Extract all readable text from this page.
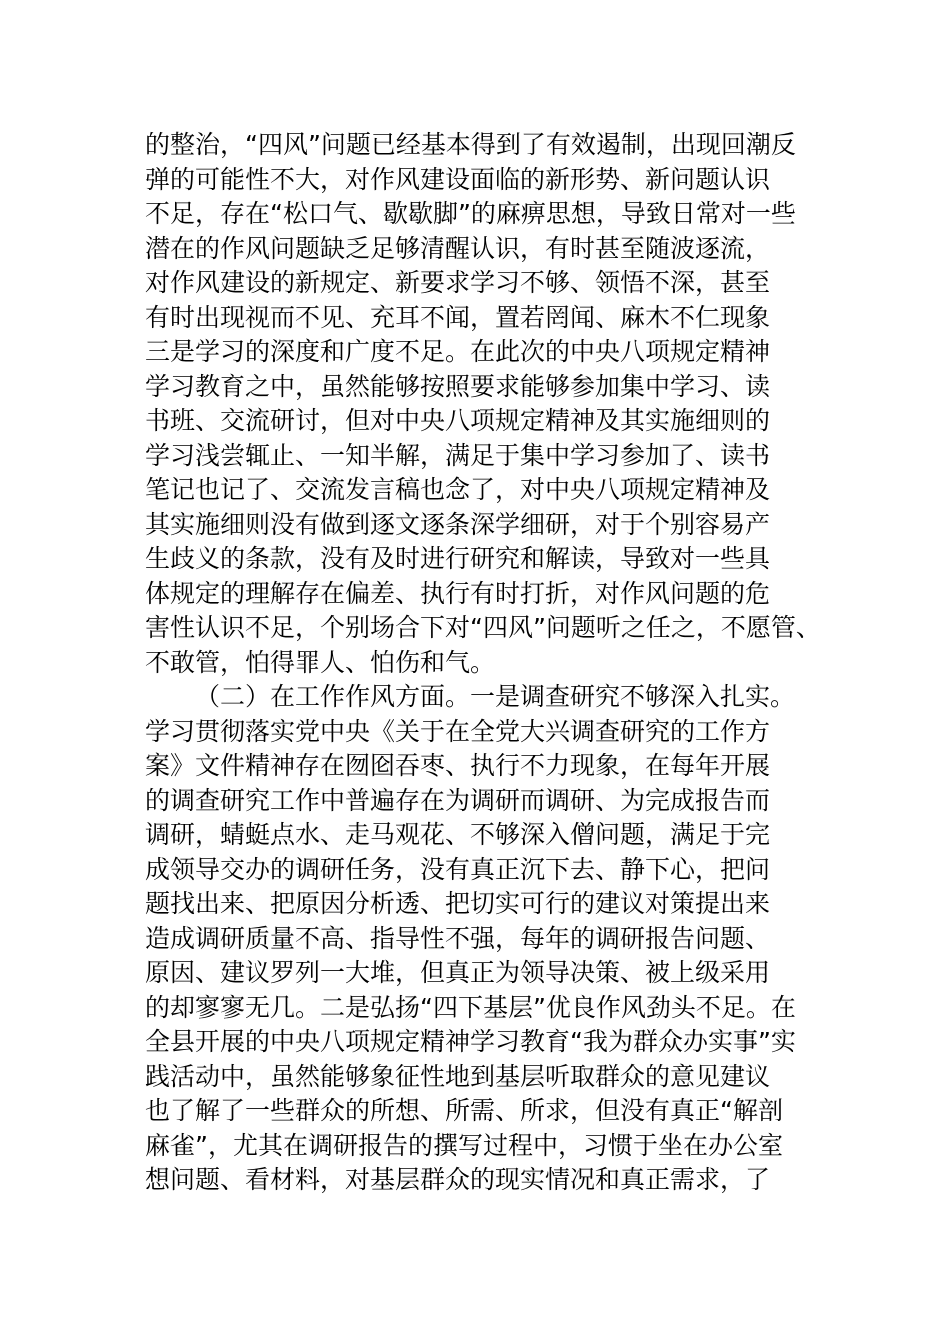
的整治，“四风”问题已经基本得到了有效遏制，出现回潮反
弹的可能性不大，对作风建设面临的新形势、新问题认识
不足，存在“松口气、歇歇脚”的麻痹思想，导致日常对一些
潜在的作风问题缺乏足够清醒认识，有时甚至随波逐流，
对作风建设的新规定、新要求学习不够、领悟不深，甚至
有时出现视而不见、充耳不闻，置若罔闻、麻木不仁现象
三是学习的深度和广度不足。在此次的中央八项规定精神
学习教育之中，虽然能够按照要求能够参加集中学习、读
书班、交流研讨，但对中央八项规定精神及其实施细则的
学习浅尝辄止、一知半解，满足于集中学习参加了、读书
笔记也记了、交流发言稿也念了，对中央八项规定精神及
其实施细则没有做到逐文逐条深学细研，对于个别容易产
生歧义的条款，没有及时进行研究和解读，导致对一些具
体规定的理解存在偏差、执行有时打折，对作风问题的危
害性认识不足，个别场合下对“四风”问题听之任之，不愿管、
不敢管，怕得罪人、怕伤和气。
（二）在工作作风方面。一是调查研究不够深入扎实。
学习贯彻落实党中央《关于在全党大兴调查研究的工作方
案》文件精神存在囫囵吞枣、执行不力现象，在每年开展
的调查研究工作中普遍存在为调研而调研、为完成报告而
调研，蜻蜓点水、走马观花、不够深入僧问题，满足于完
成领导交办的调研任务，没有真正沉下去、静下心，把问
题找出来、把原因分析透、把切实可行的建议对策提出来
造成调研质量不高、指导性不强，每年的调研报告问题、
原因、建议罗列一大堆，但真正为领导决策、被上级采用
的却寥寥无几。二是弘扬“四下基层”优良作风劲头不足。在
全县开展的中央八项规定精神学习教育“我为群众办实事”实
践活动中，虽然能够象征性地到基层听取群众的意见建议
也了解了一些群众的所想、所需、所求，但没有真正“解剖
麻雀”，尤其在调研报告的撰写过程中，习惯于坐在办公室
想问题、看材料，对基层群众的现实情况和真正需求，了
